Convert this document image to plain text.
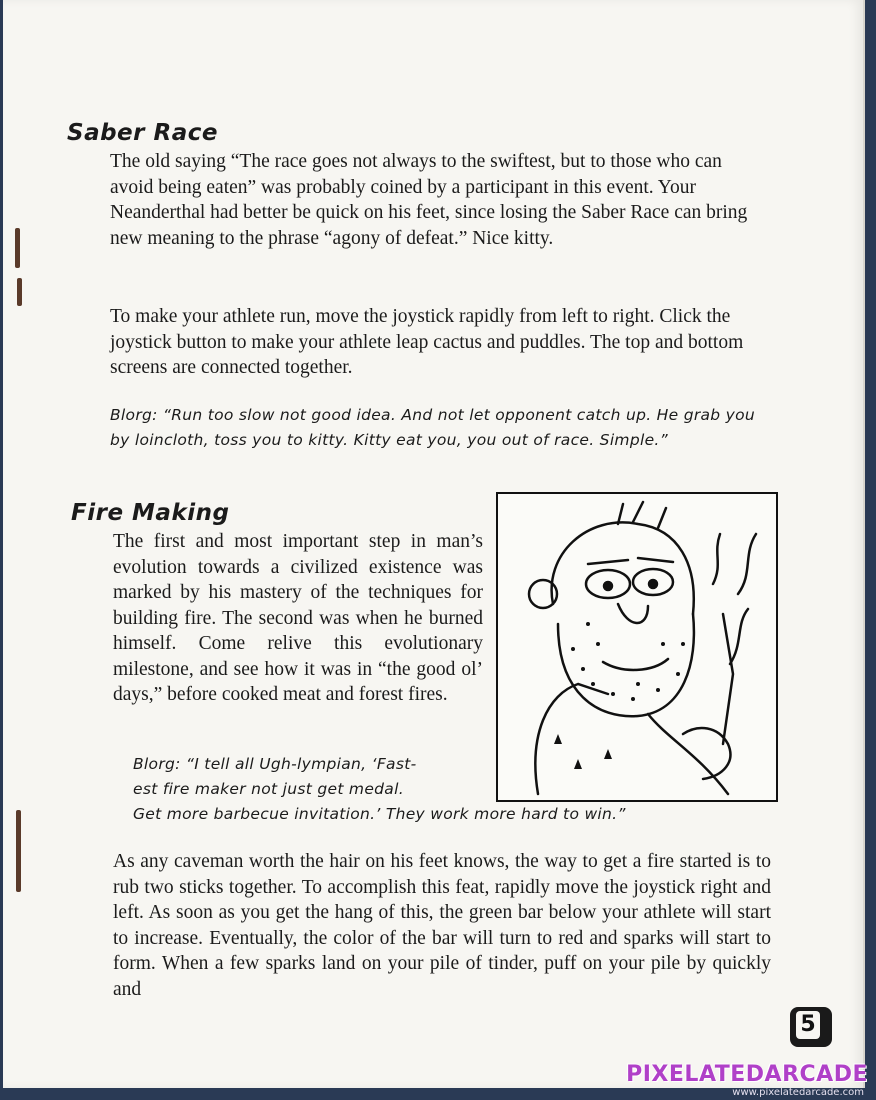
Saber Race

The old saying “The race goes not always to the swiftest, but to those who can avoid being eaten” was probably coined by a participant in this event. Your Neanderthal had better be quick on his feet, since losing the Saber Race can bring new meaning to the phrase “agony of defeat.” Nice kitty.

To make your athlete run, move the joystick rapidly from left to right. Click the joystick button to make your athlete leap cactus and puddles. The top and bottom screens are connected together.

Blorg: “Run too slow not good idea. And not let opponent catch up. He grab you by loincloth, toss you to kitty. Kitty eat you, you out of race. Simple.”

Fire Making

The first and most important step in man’s evolution towards a civilized existence was marked by his mastery of the techniques for building fire. The second was when he burned himself. Come relive this evolutionary milestone, and see how it was in “the good ol’ days,” before cooked meat and forest fires.

Blorg: “I tell all Ugh-lympian, ‘Fast-

est fire maker not just get medal.

Get more barbecue invitation.’ They work more hard to win.”

As any caveman worth the hair on his feet knows, the way to get a fire started is to rub two sticks together. To accomplish this feat, rapidly move the joystick right and left. As soon as you get the hang of this, the green bar below your athlete will start to increase. Eventually, the color of the bar will turn to red and sparks will start to form. When a few sparks land on your pile of tinder, puff on your pile by quickly and

5
PIXELATEDARCADE
www.pixelatedarcade.com
